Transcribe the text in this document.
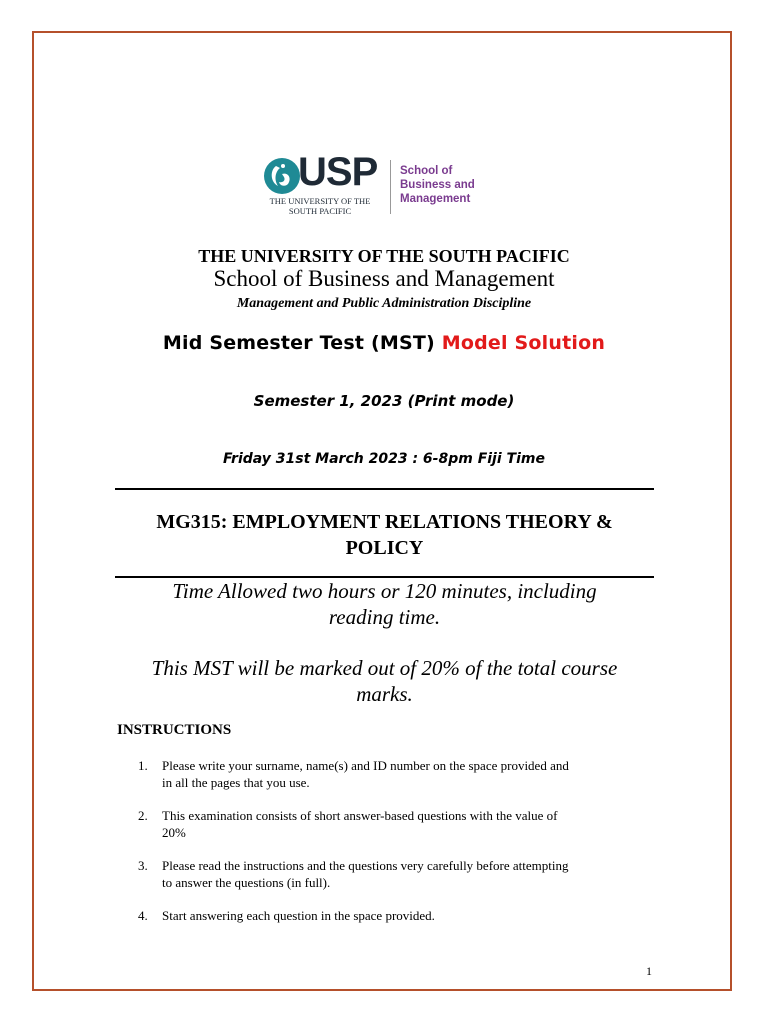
USP
THE UNIVERSITY OF THE
SOUTH PACIFIC
School of
Business and
Management
THE UNIVERSITY OF THE SOUTH PACIFIC
School of Business and Management
Management and Public Administration Discipline
Mid Semester Test (MST) Model Solution
Semester 1, 2023 (Print mode)
Friday 31st March 2023 : 6-8pm Fiji Time
MG315: EMPLOYMENT RELATIONS THEORY &
POLICY
Time Allowed two hours or 120 minutes, including
reading time.
This MST will be marked out of 20% of the total course
marks.
INSTRUCTIONS
1.	Please write your surname, name(s) and ID number on the space provided and
in all the pages that you use.
2.	This examination consists of short answer-based questions with the value of
20%
3.	Please read the instructions and the questions very carefully before attempting
to answer the questions (in full).
4.	Start answering each question in the space provided.
1
